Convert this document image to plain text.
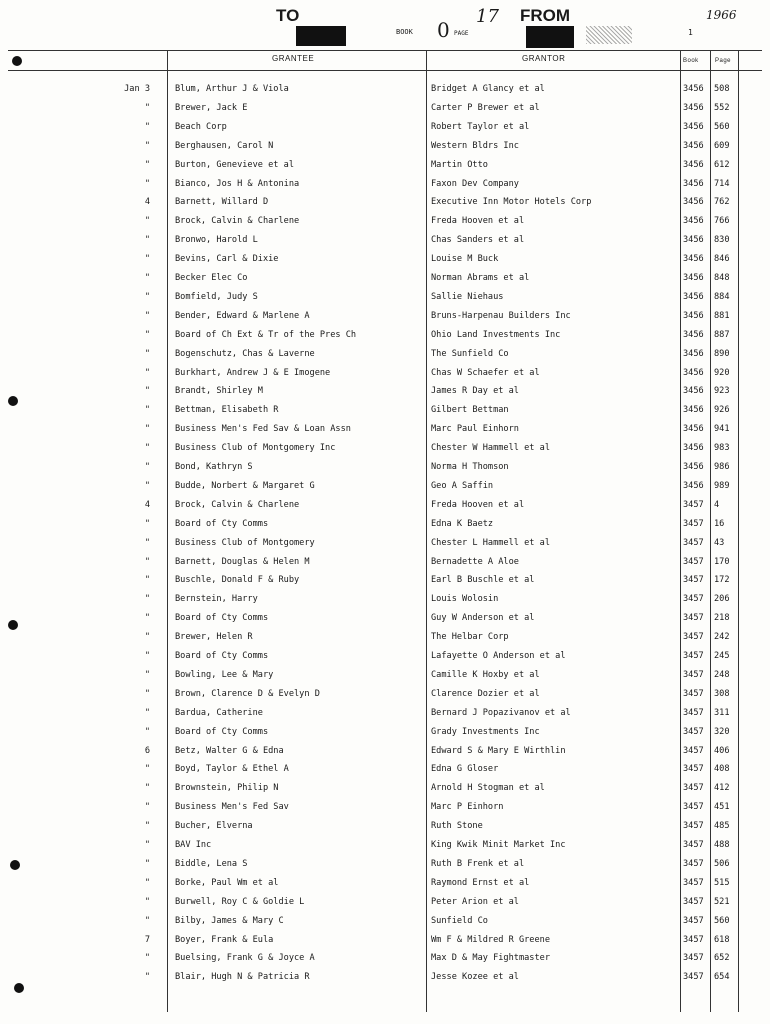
TO
BOOK 0 PAGE
17 FROM	1966
1
GRANTEE	GRANTOR	Book	Page
Jan 3	Blum, Arthur J & Viola	Bridget A Glancy et al	3456 508
"	Brewer, Jack E	Carter P Brewer et al	3456 552
"	Beach Corp	Robert Taylor et al	3456 560
"	Berghausen, Carol N	Western Bldrs Inc	3456 609
"	Burton, Genevieve et al	Martin Otto	3456 612
"	Bianco, Jos H & Antonina	Faxon Dev Company	3456 714
4	Barnett, Willard D	Executive Inn Motor Hotels Corp	3456 762
"	Brock, Calvin & Charlene	Freda Hooven et al	3456 766
"	Bronwo, Harold L	Chas Sanders et al	3456 830
"	Bevins, Carl & Dixie	Louise M Buck	3456 846
"	Becker Elec Co	Norman Abrams et al	3456 848
"	Bomfield, Judy S	Sallie Niehaus	3456 884
"	Bender, Edward & Marlene A	Bruns-Harpenau Builders Inc	3456 881
"	Board of Ch Ext & Tr of the Pres Ch	Ohio Land Investments Inc	3456 887
"	Bogenschutz, Chas & Laverne	The Sunfield Co	3456 890
"	Burkhart, Andrew J & E Imogene	Chas W Schaefer et al	3456 920
"	Brandt, Shirley M	James R Day et al	3456 923
"	Bettman, Elisabeth R	Gilbert Bettman	3456 926
"	Business Men's Fed Sav & Loan Assn	Marc Paul Einhorn	3456 941
"	Business Club of Montgomery Inc	Chester W Hammell et al	3456 983
"	Bond, Kathryn S	Norma H Thomson	3456 986
"	Budde, Norbert & Margaret G	Geo A Saffin	3456 989
4	Brock, Calvin & Charlene	Freda Hooven et al	3457 4
"	Board of Cty Comms	Edna K Baetz	3457 16
"	Business Club of Montgomery	Chester L Hammell et al	3457 43
"	Barnett, Douglas & Helen M	Bernadette A Aloe	3457 170
"	Buschle, Donald F & Ruby	Earl B Buschle et al	3457 172
"	Bernstein, Harry	Louis Wolosin	3457 206
"	Board of Cty Comms	Guy W Anderson et al	3457 218
"	Brewer, Helen R	The Helbar Corp	3457 242
"	Board of Cty Comms	Lafayette O Anderson et al	3457 245
"	Bowling, Lee & Mary	Camille K Hoxby et al	3457 248
"	Brown, Clarence D & Evelyn D	Clarence Dozier et al	3457 308
"	Bardua, Catherine	Bernard J Popazivanov et al	3457 311
"	Board of Cty Comms	Grady Investments Inc	3457 320
6	Betz, Walter G & Edna	Edward S & Mary E Wirthlin	3457 406
"	Boyd, Taylor & Ethel A	Edna G Gloser	3457 408
"	Brownstein, Philip N	Arnold H Stogman et al	3457 412
"	Business Men's Fed Sav	Marc P Einhorn	3457 451
"	Bucher, Elverna	Ruth Stone	3457 485
"	BAV Inc	King Kwik Minit Market Inc	3457 488
"	Biddle, Lena S	Ruth B Frenk et al	3457 506
"	Borke, Paul Wm et al	Raymond Ernst et al	3457 515
"	Burwell, Roy C & Goldie L	Peter Arion et al	3457 521
"	Bilby, James & Mary C	Sunfield Co	3457 560
7	Boyer, Frank & Eula	Wm F & Mildred R Greene	3457 618
"	Buelsing, Frank G & Joyce A	Max D & May Fightmaster	3457 652
"	Blair, Hugh N & Patricia R	Jesse Kozee et al	3457 654
